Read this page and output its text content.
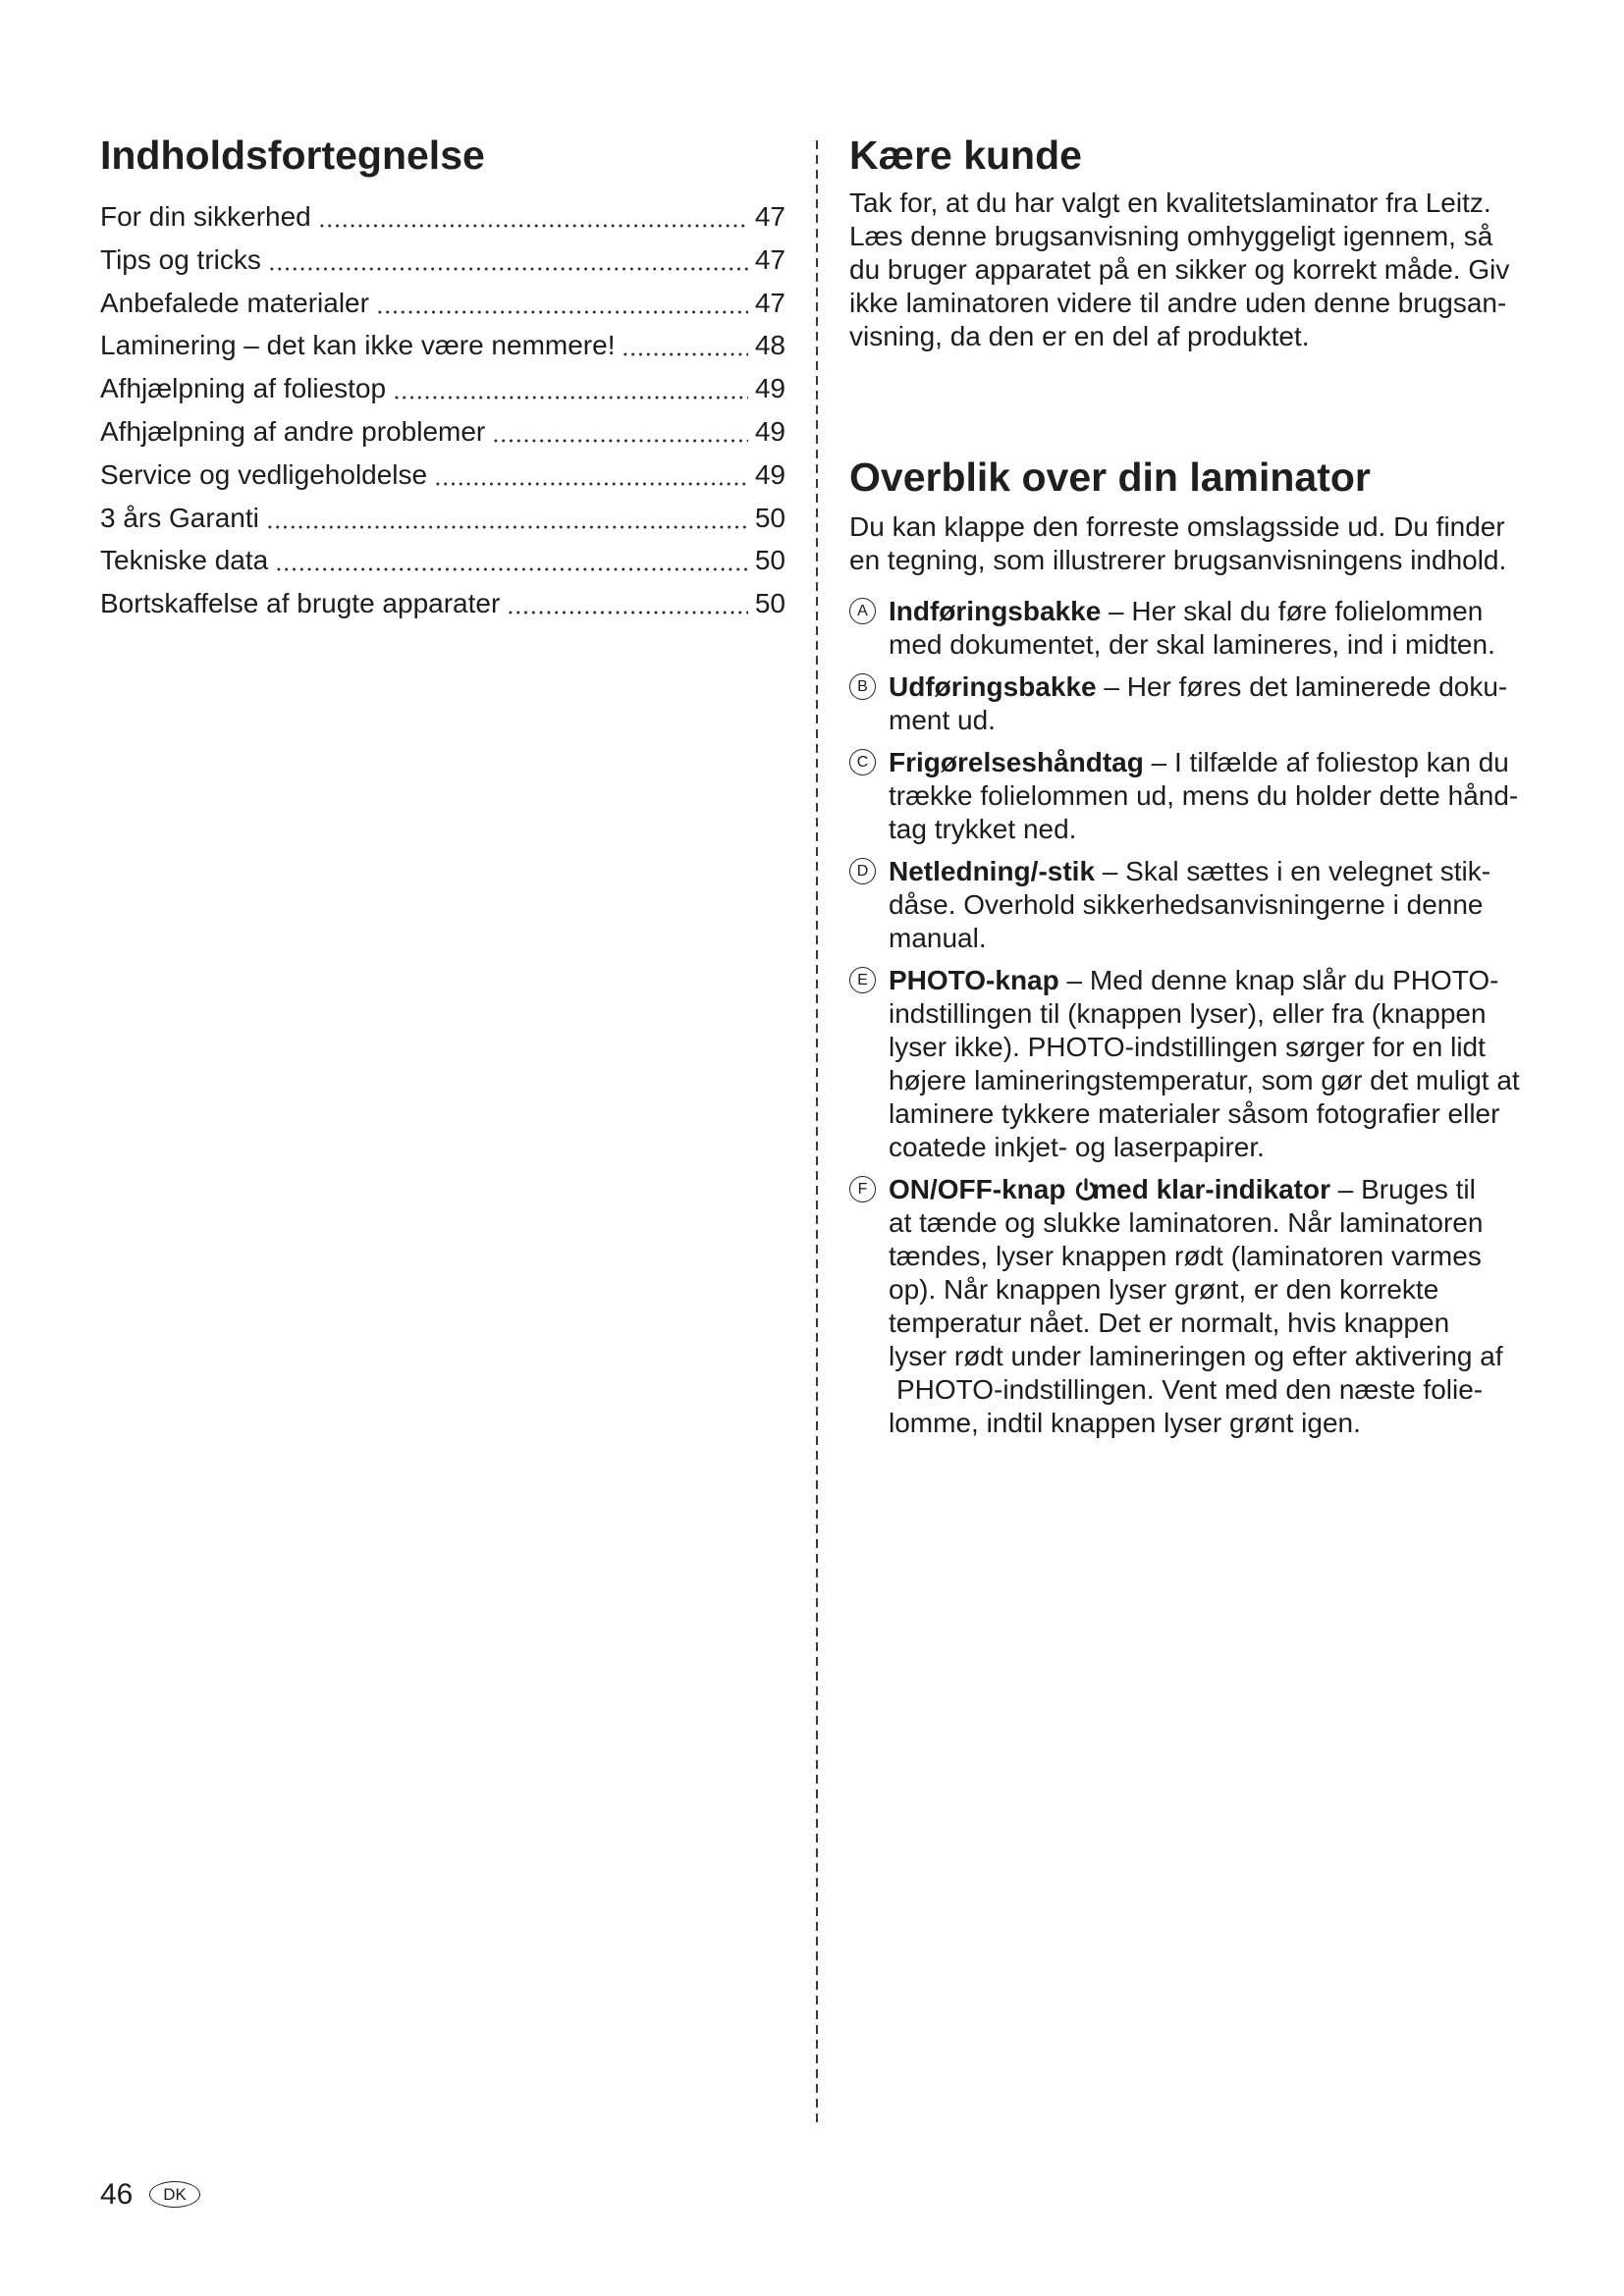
Indholdsfortegnelse
For din sikkerhed	47
Tips og tricks	47
Anbefalede materialer	47
Laminering – det kan ikke være nemmere!	48
Afhjælpning af foliestop	49
Afhjælpning af andre problemer	49
Service og vedligeholdelse	49
3 års Garanti	50
Tekniske data	50
Bortskaffelse af brugte apparater	50
Kære kunde
Tak for, at du har valgt en kvalitetslaminator fra Leitz.
Læs denne brugsanvisning omhyggeligt igennem, så
du bruger apparatet på en sikker og korrekt måde. Giv
ikke laminatoren videre til andre uden denne brugsan-
visning, da den er en del af produktet.
Overblik over din laminator
Du kan klappe den forreste omslagsside ud. Du finder
en tegning, som illustrerer brugsanvisningens indhold.
A Indføringsbakke – Her skal du føre folielommen
med dokumentet, der skal lamineres, ind i midten.
B Udføringsbakke – Her føres det laminerede doku-
ment ud.
C Frigørelseshåndtag – I tilfælde af foliestop kan du
trække folielommen ud, mens du holder dette hånd-
tag trykket ned.
D Netledning/-stik – Skal sættes i en velegnet stik-
dåse. Overhold sikkerhedsanvisningerne i denne
manual.
E PHOTO-knap – Med denne knap slår du PHOTO-
indstillingen til (knappen lyser), eller fra (knappen
lyser ikke). PHOTO-indstillingen sørger for en lidt
højere lamineringstemperatur, som gør det muligt at
laminere tykkere materialer såsom fotografier eller
coatede inkjet- og laserpapirer.
F ON/OFF-knap med klar-indikator – Bruges til
at tænde og slukke laminatoren. Når laminatoren
tændes, lyser knappen rødt (laminatoren varmes
op). Når knappen lyser grønt, er den korrekte
temperatur nået. Det er normalt, hvis knappen
lyser rødt under lamineringen og efter aktivering af
PHOTO-indstillingen. Vent med den næste folie-
lomme, indtil knappen lyser grønt igen.
46	DK
